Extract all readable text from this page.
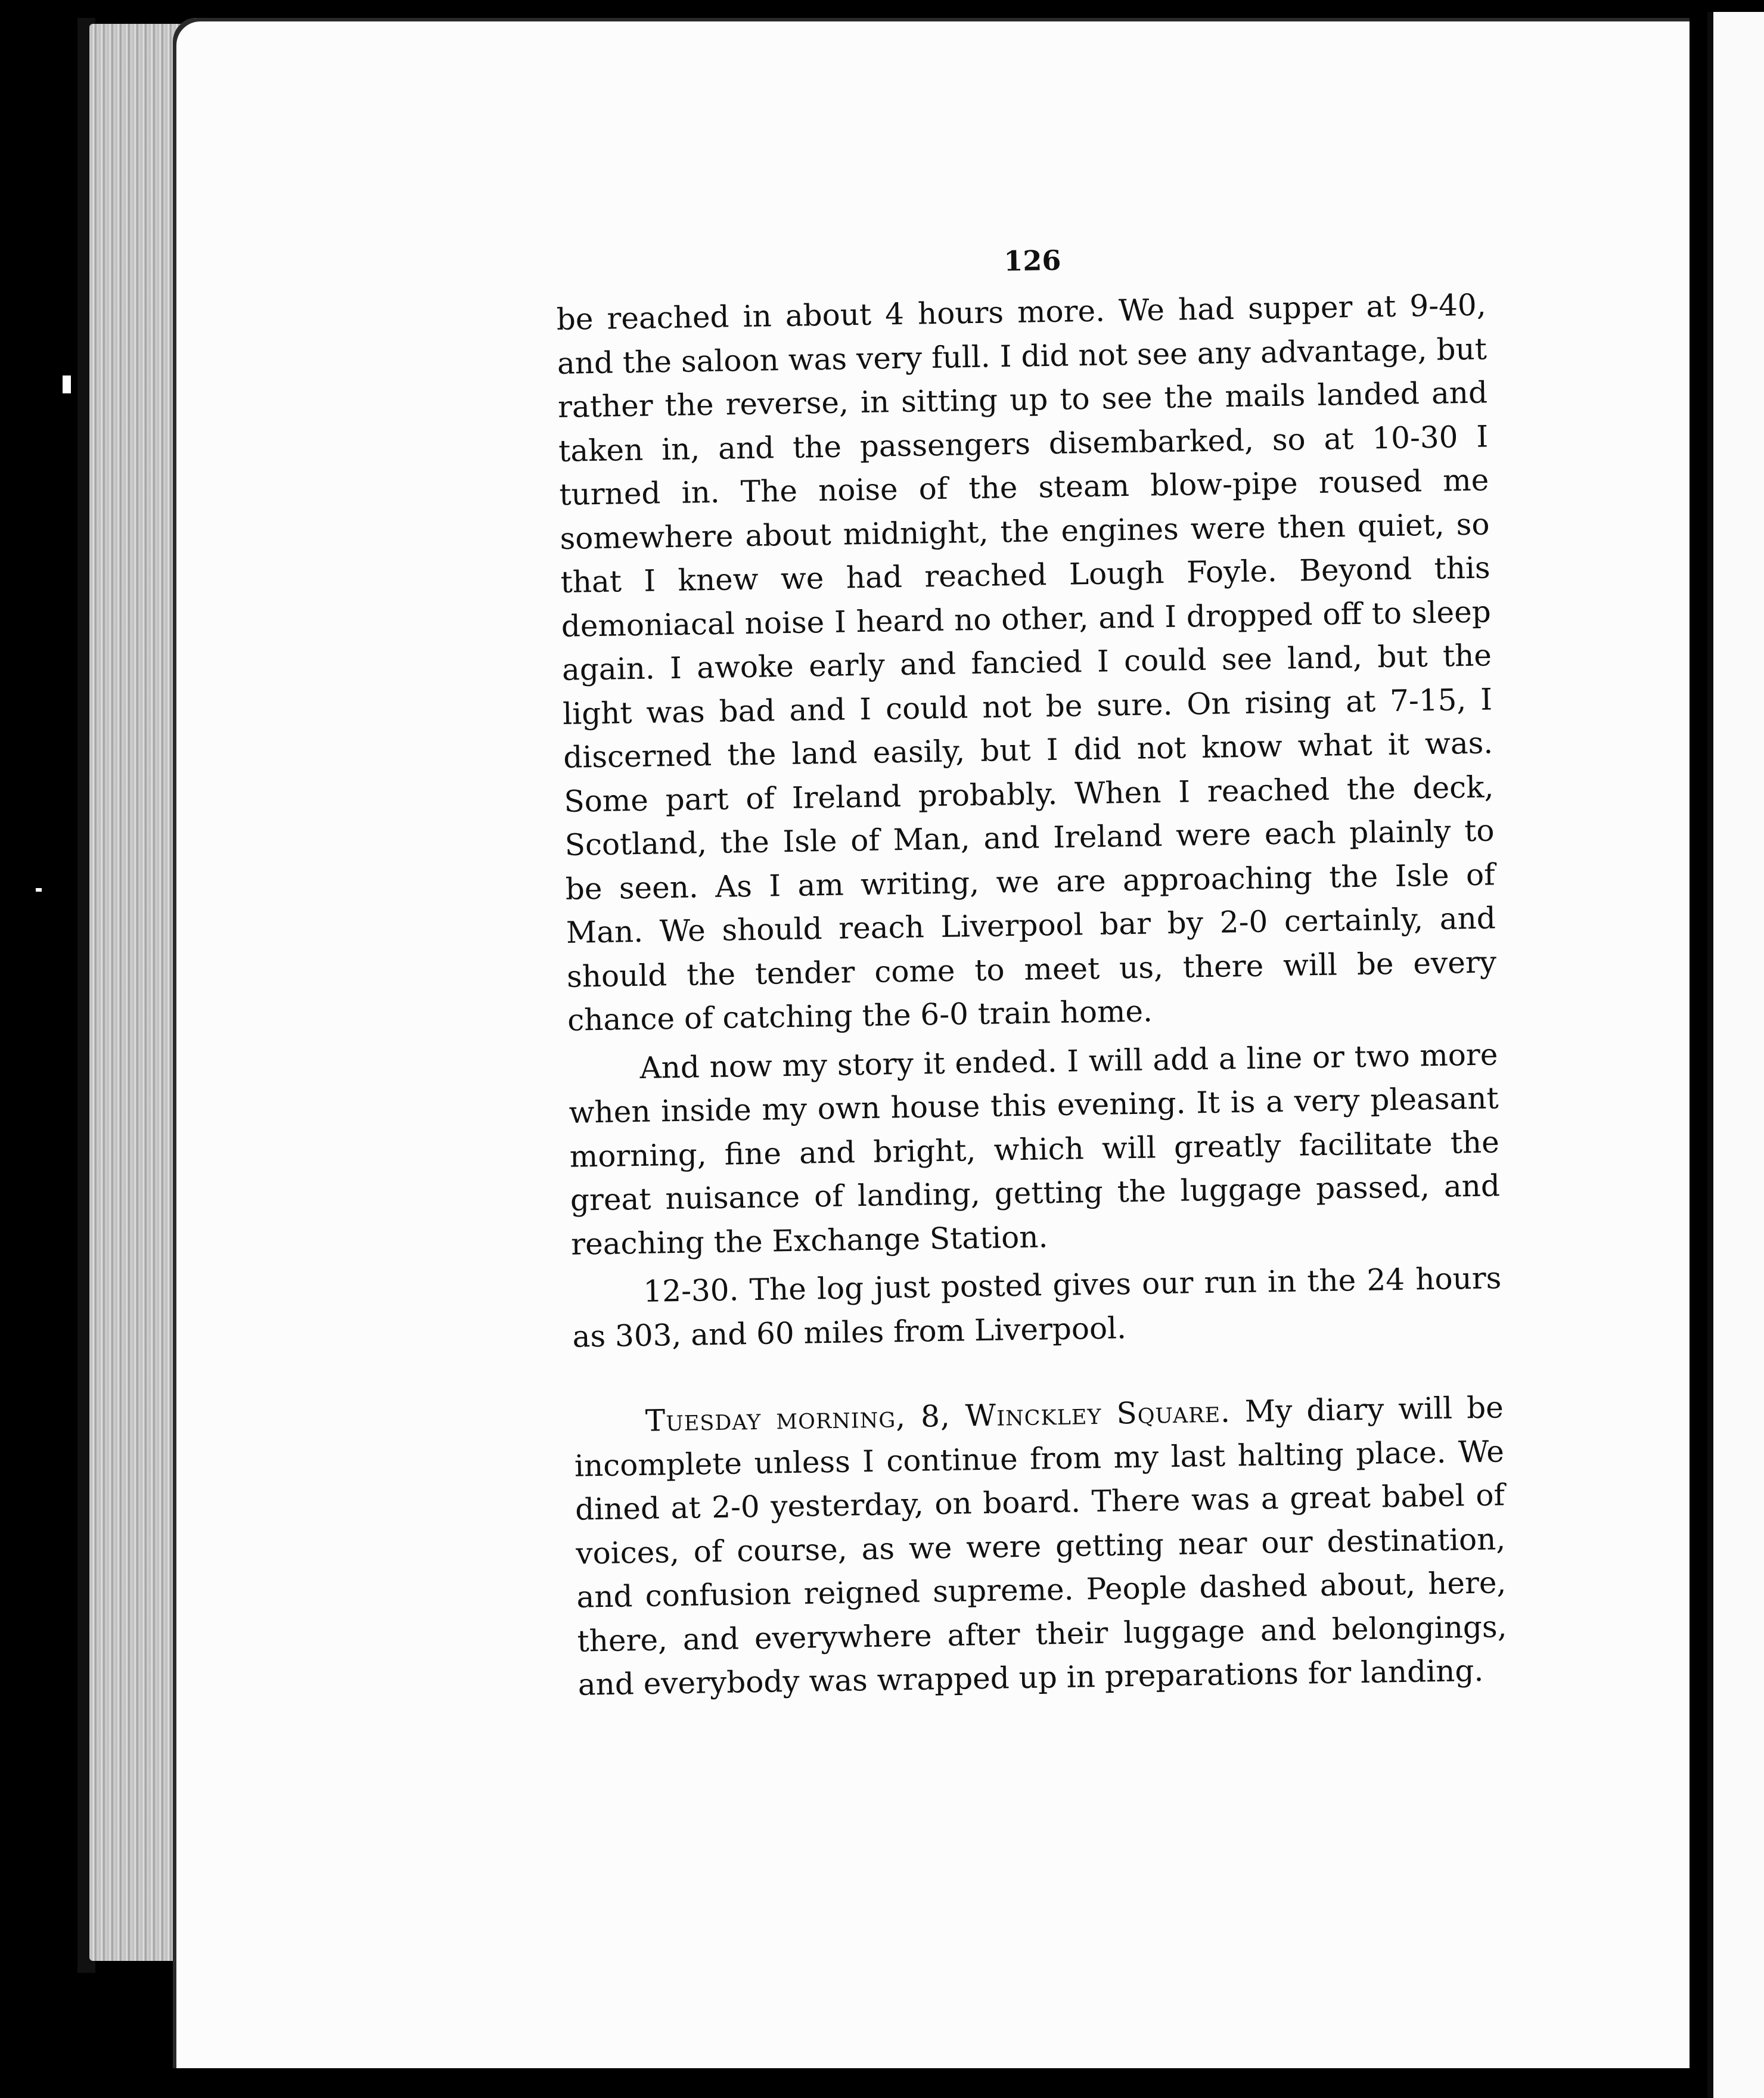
126

be reached in about 4 hours more. We had supper at 9-40, and the saloon was very full. I did not see any advantage, but rather the reverse, in sitting up to see the mails landed and taken in, and the passengers disembarked, so at 10-30 I turned in. The noise of the steam blow-pipe roused me somewhere about midnight, the engines were then quiet, so that I knew we had reached Lough Foyle. Beyond this demoniacal noise I heard no other, and I dropped off to sleep again. I awoke early and fancied I could see land, but the light was bad and I could not be sure. On rising at 7-15, I discerned the land easily, but I did not know what it was. Some part of Ireland probably. When I reached the deck, Scotland, the Isle of Man, and Ireland were each plainly to be seen. As I am writing, we are approaching the Isle of Man. We should reach Liverpool bar by 2-0 certainly, and should the tender come to meet us, there will be every chance of catching the 6-0 train home.

And now my story it ended. I will add a line or two more when inside my own house this evening. It is a very pleasant morning, fine and bright, which will greatly facilitate the great nuisance of landing, getting the luggage passed, and reaching the Exchange Station.

12-30. The log just posted gives our run in the 24 hours as 303, and 60 miles from Liverpool.

Tuesday morning, 8, Winckley Square. My diary will be incomplete unless I continue from my last halting place. We dined at 2-0 yesterday, on board. There was a great babel of voices, of course, as we were getting near our destination, and confusion reigned supreme. People dashed about, here, there, and everywhere after their luggage and belongings, and everybody was wrapped up in preparations for landing.
